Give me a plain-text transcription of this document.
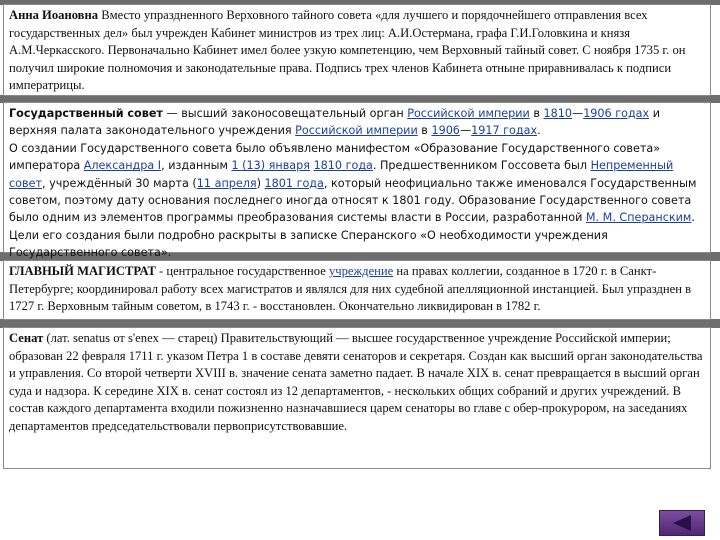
Анна Иоановна Вместо упраздненного Верховного тайного совета «для лучшего и порядочнейшего отправления всех государственных дел» был учрежден Кабинет министров из трех лиц: А.И.Остермана, графа Г.И.Головкина и князя А.М.Черкасского. Первоначально Кабинет имел более узкую компетенцию, чем Верховный тайный совет. С ноября 1735 г. он получил широкие полномочия и законодательные права. Подпись трех членов Кабинета отныне приравнивалась к подписи императрицы.

Государственный совет — высший законосовещательный орган Российской империи в 1810—1906 годах и верхняя палата законодательного учреждения Российской империи в 1906—1917 годах.

О создании Государственного совета было объявлено манифестом «Образование Государственного совета» императора Александра I, изданным 1 (13) января 1810 года. Предшественником Госсовета был Непременный совет, учреждённый 30 марта (11 апреля) 1801 года, который неофициально также именовался Государственным советом, поэтому дату основания последнего иногда относят к 1801 году. Образование Государственного совета было одним из элементов программы преобразования системы власти в России, разработанной М. М. Сперанским. Цели его создания были подробно раскрыты в записке Сперанского «О необходимости учреждения Государственного совета».

ГЛАВНЫЙ МАГИСТРАТ - центральное государственное учреждение на правах коллегии, созданное в 1720 г. в Санкт-Петербурге; координировал работу всех магистратов и являлся для них судебной апелляционной инстанцией. Был упразднен в 1727 г. Верховным тайным советом, в 1743 г. - восстановлен. Окончательно ликвидирован в 1782 г.

Сенат (лат. senatus от s'enex — старец) Правительствующий — высшее государственное учреждение Российской империи; образован 22 февраля 1711 г. указом Петра 1 в составе девяти сенаторов и секретаря. Создан как высший орган законодательства и управления. Со второй четверти XVIII в. значение сената заметно падает. В начале XIX в. сенат превращается в высший орган суда и надзора. К середине XIX в. сенат состоял из 12 департаментов, - нескольких общих собраний и других учреждений. В состав каждого департамента входили пожизненно назначавшиеся царем сенаторы во главе с обер-прокурором, на заседаниях департаментов председательствовали первоприсутствовавшие.
